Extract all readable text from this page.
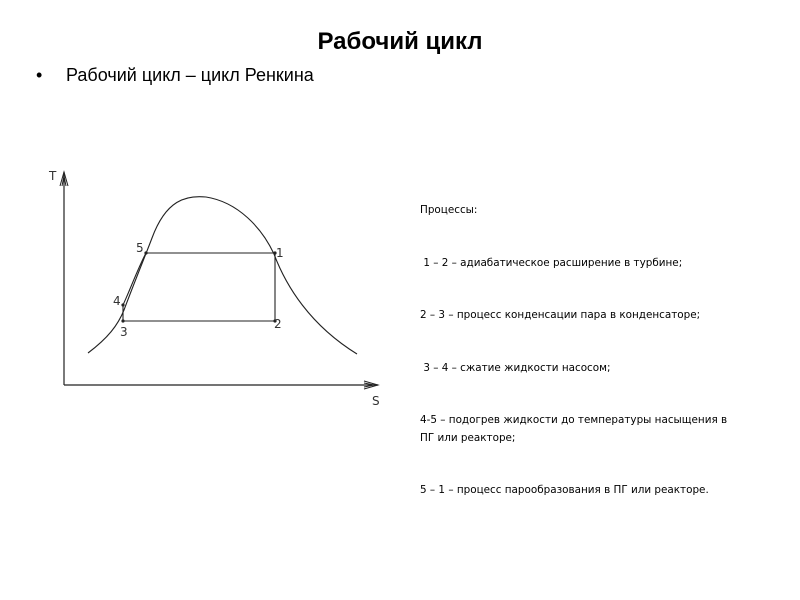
Рабочий цикл
•	Рабочий цикл – цикл Ренкина
T
S
1
2
3
4
5

Процессы:

1 – 2 – адиабатическое расширение в турбине;

2 – 3 – процесс конденсации пара в конденсаторе;

3 – 4 – сжатие жидкости насосом;

4-5 – подогрев жидкости до температуры насыщения в
ПГ или реакторе;

5 – 1 – процесс парообразования в ПГ или реакторе.
